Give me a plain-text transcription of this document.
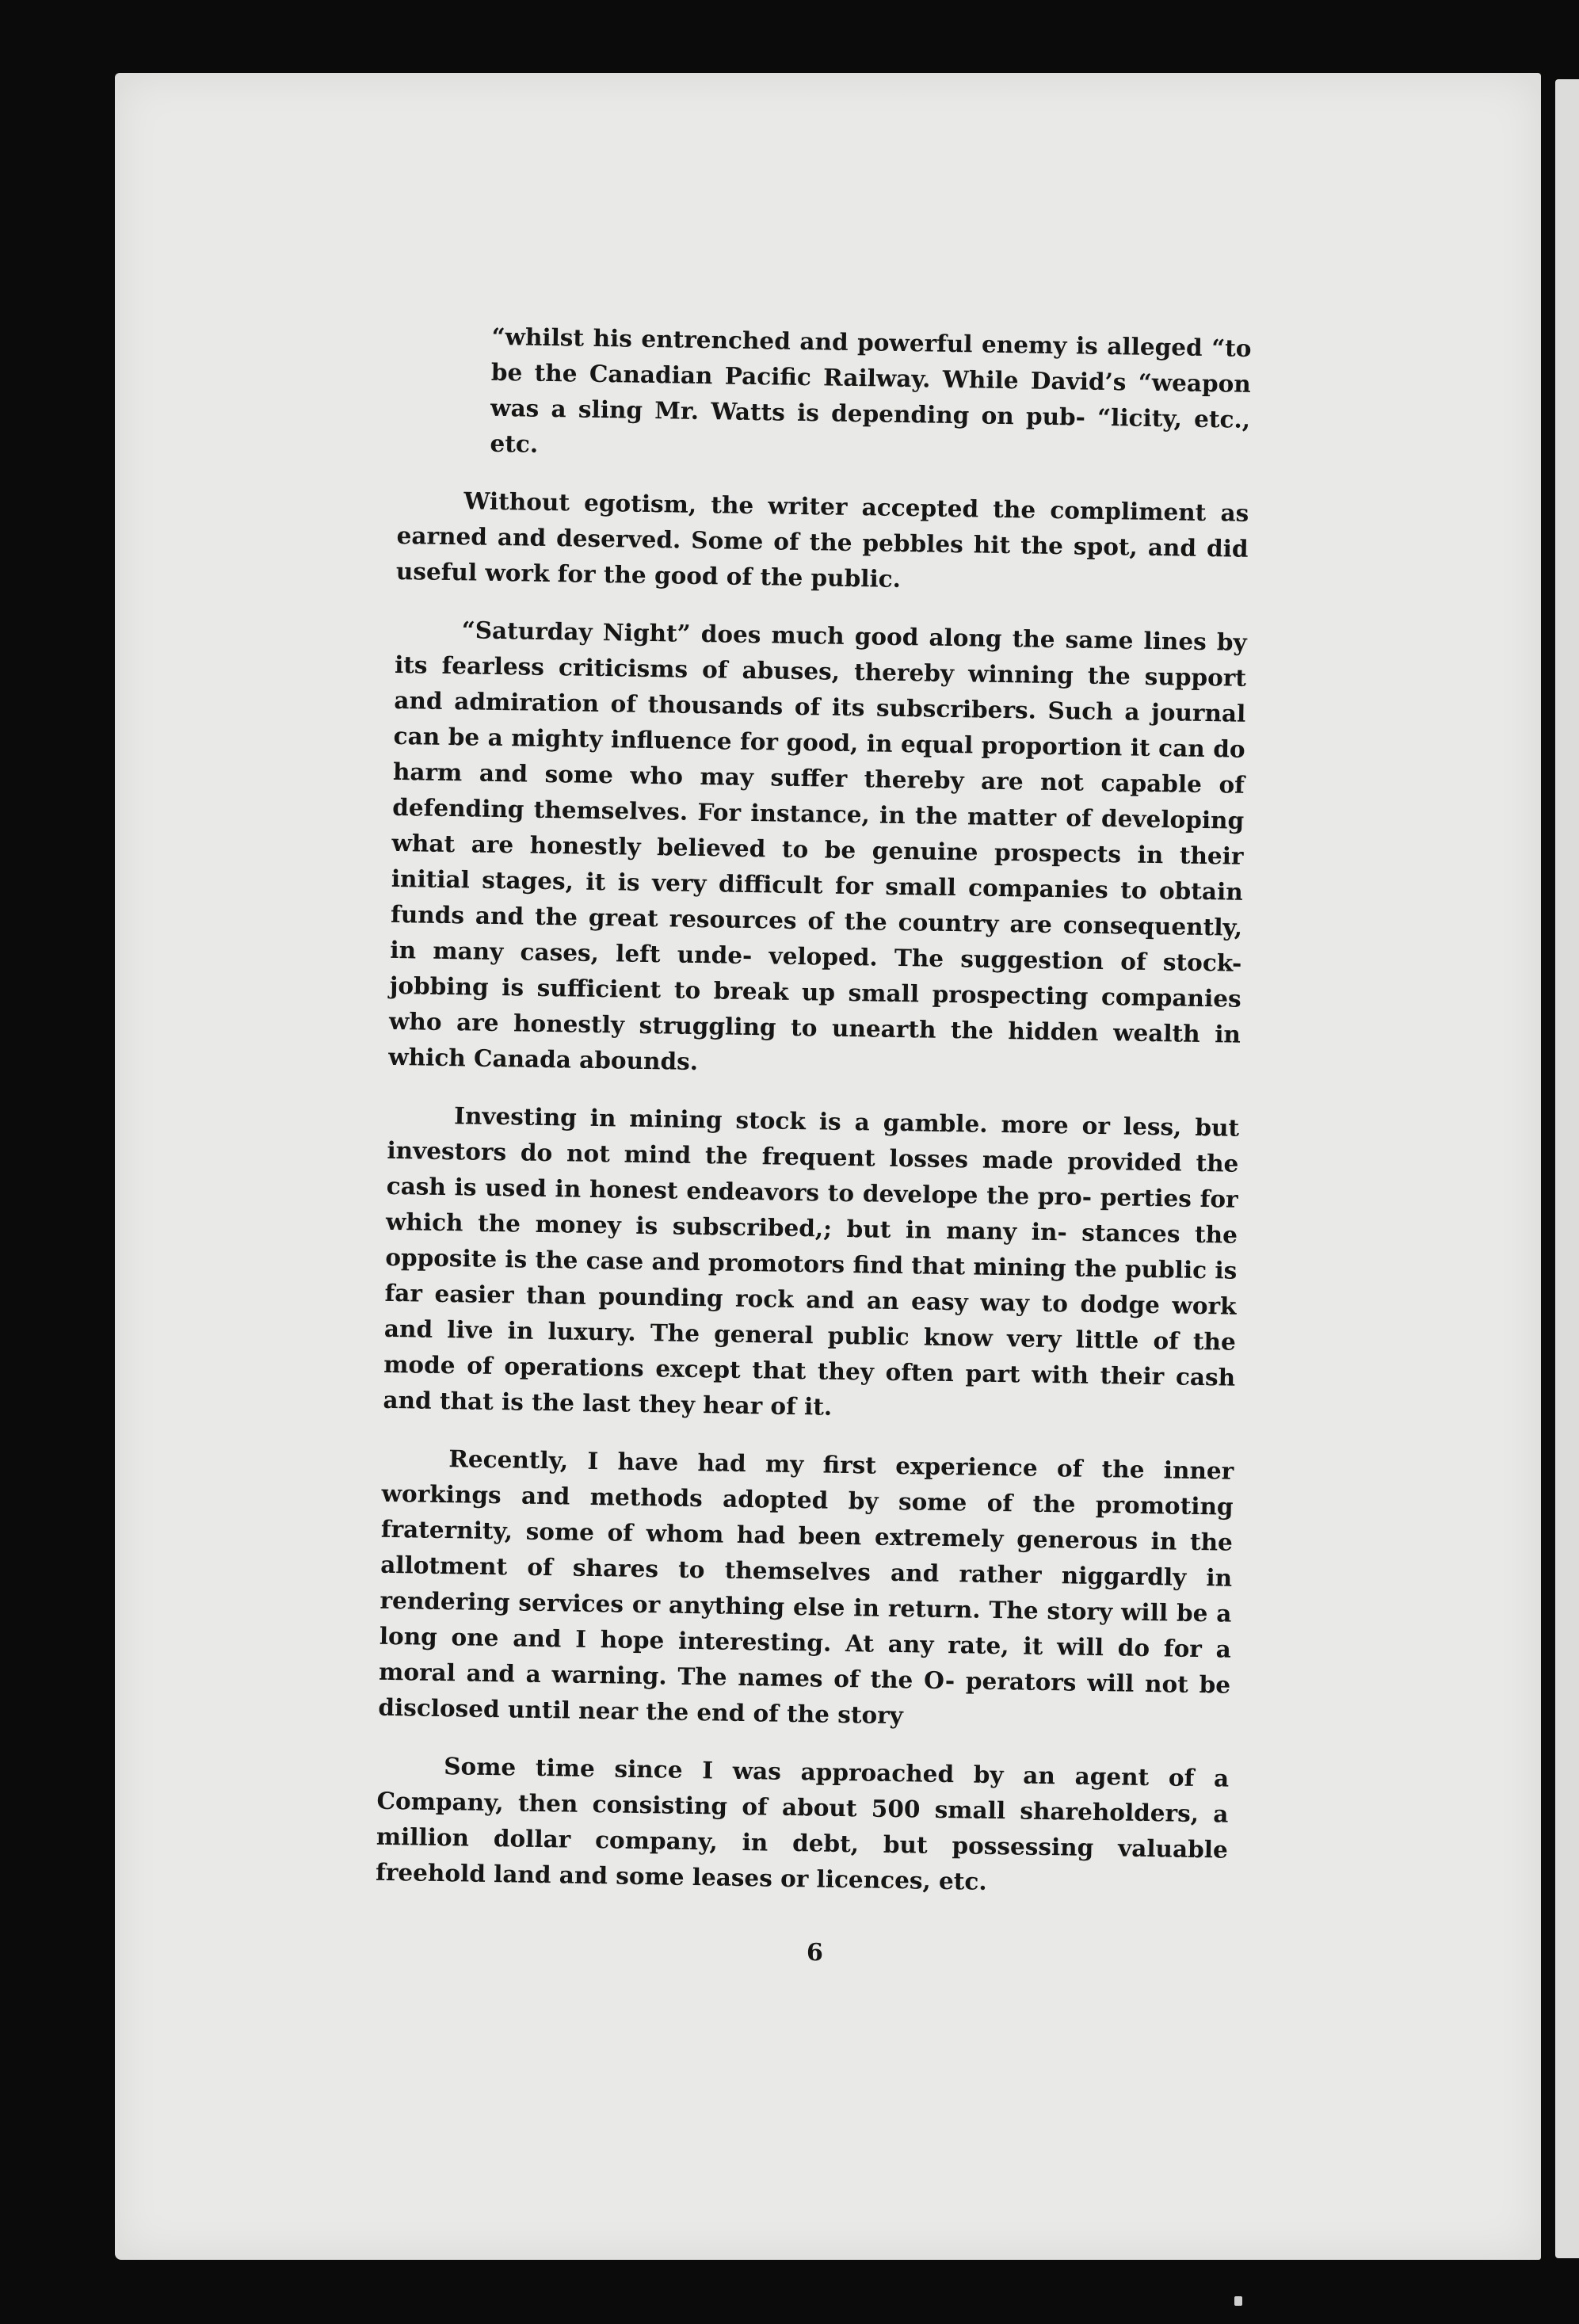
“whilst his entrenched and powerful enemy is alleged “to be the Canadian Pacific Railway. While David’s “weapon was a sling Mr. Watts is depending on pub- “licity, etc., etc.

Without egotism, the writer accepted the compliment as earned and deserved. Some of the pebbles hit the spot, and did useful work for the good of the public.

“Saturday Night” does much good along the same lines by its fearless criticisms of abuses, thereby winning the support and admiration of thousands of its subscribers. Such a journal can be a mighty influence for good, in equal proportion it can do harm and some who may suffer thereby are not capable of defending themselves. For instance, in the matter of developing what are honestly believed to be genuine prospects in their initial stages, it is very difficult for small companies to obtain funds and the great resources of the country are consequently, in many cases, left unde- veloped. The suggestion of stock-jobbing is sufficient to break up small prospecting companies who are honestly struggling to unearth the hidden wealth in which Canada abounds.

Investing in mining stock is a gamble. more or less, but investors do not mind the frequent losses made provided the cash is used in honest endeavors to develope the pro- perties for which the money is subscribed,; but in many in- stances the opposite is the case and promotors find that mining the public is far easier than pounding rock and an easy way to dodge work and live in luxury. The general public know very little of the mode of operations except that they often part with their cash and that is the last they hear of it.

Recently, I have had my first experience of the inner workings and methods adopted by some of the promoting fraternity, some of whom had been extremely generous in the allotment of shares to themselves and rather niggardly in rendering services or anything else in return. The story will be a long one and I hope interesting. At any rate, it will do for a moral and a warning. The names of the O- perators will not be disclosed until near the end of the story

Some time since I was approached by an agent of a Company, then consisting of about 500 small shareholders, a million dollar company, in debt, but possessing valuable freehold land and some leases or licences, etc.

6
